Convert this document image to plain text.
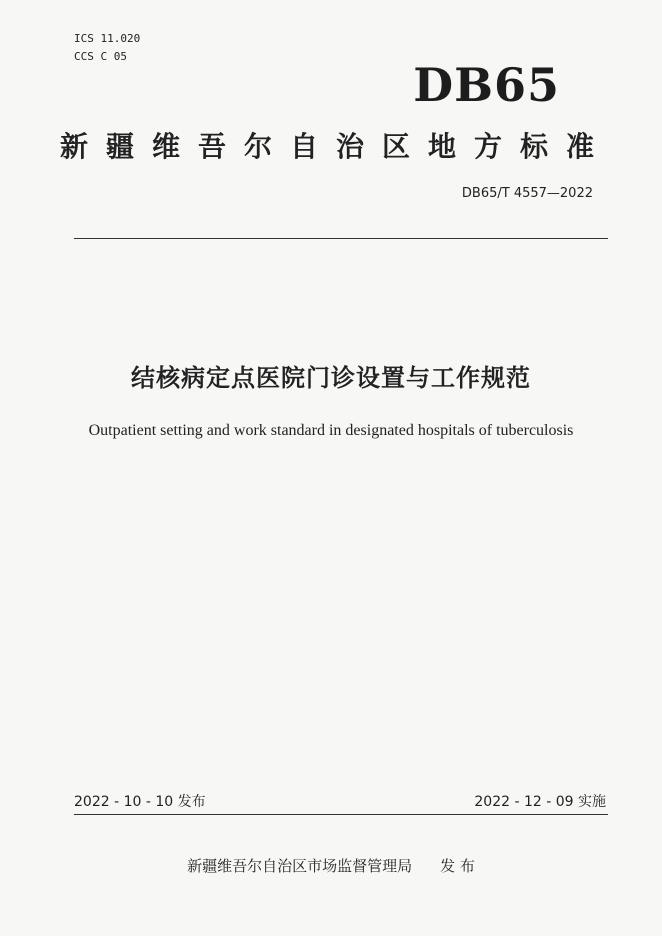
ICS 11.020
CCS C 05
DB65
新疆维吾尔自治区地方标准
DB65/T 4557—2022
结核病定点医院门诊设置与工作规范
Outpatient setting and work standard in designated hospitals of tuberculosis
2022 - 10 - 10 发布	2022 - 12 - 09 实施
新疆维吾尔自治区市场监督管理局 发 布
